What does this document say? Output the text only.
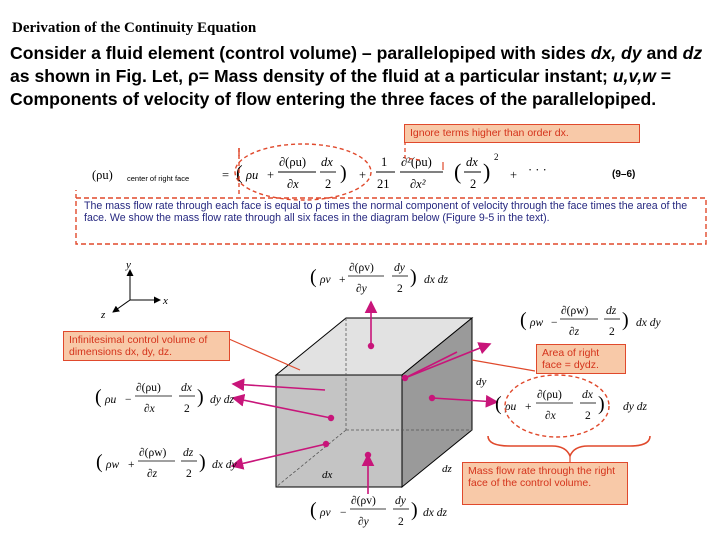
Derivation of the Continuity Equation

Consider a fluid element (control volume) – parallelopiped with sides dx, dy and dz as shown in Fig. Let, ρ= Mass density of the fluid at a particular instant; u,v,w = Components of velocity of flow entering the three faces of the parallelopiped.

(ρu) center of right face	= ( ρu +
∂(ρu)
∂x
dx
2 ) +
1
21
∂²(ρu)
∂x² ( dx
2 )
2
+ · · ·	(9–6)
The mass flow rate through each face is equal to ρ times the normal component of velocity through the face times the area of the face. We show the mass flow rate through all six faces in the diagram below (Figure 9-5 in the text).
y
x
z
dx
dy
dz
( ρv +
∂(ρv)
∂y
dy
2
) dx dz
( ρw −
∂(ρw)
∂z
dz
2
) dx dy
( ρu −
∂(ρu)
∂x
dx
2
) dy dz	( ρu +
∂(ρu)
∂x
dx
2
) dy dz
( ρw +
∂(ρw)
∂z
dz
2
) dx dy
( ρv −
∂(ρv)
∂y
dy
2
) dx dz
Ignore terms higher than order dx.
Infinitesimal control volume of dimensions dx, dy, dz.	Area of right face = dydz.
Mass flow rate through the right face of the control volume.
